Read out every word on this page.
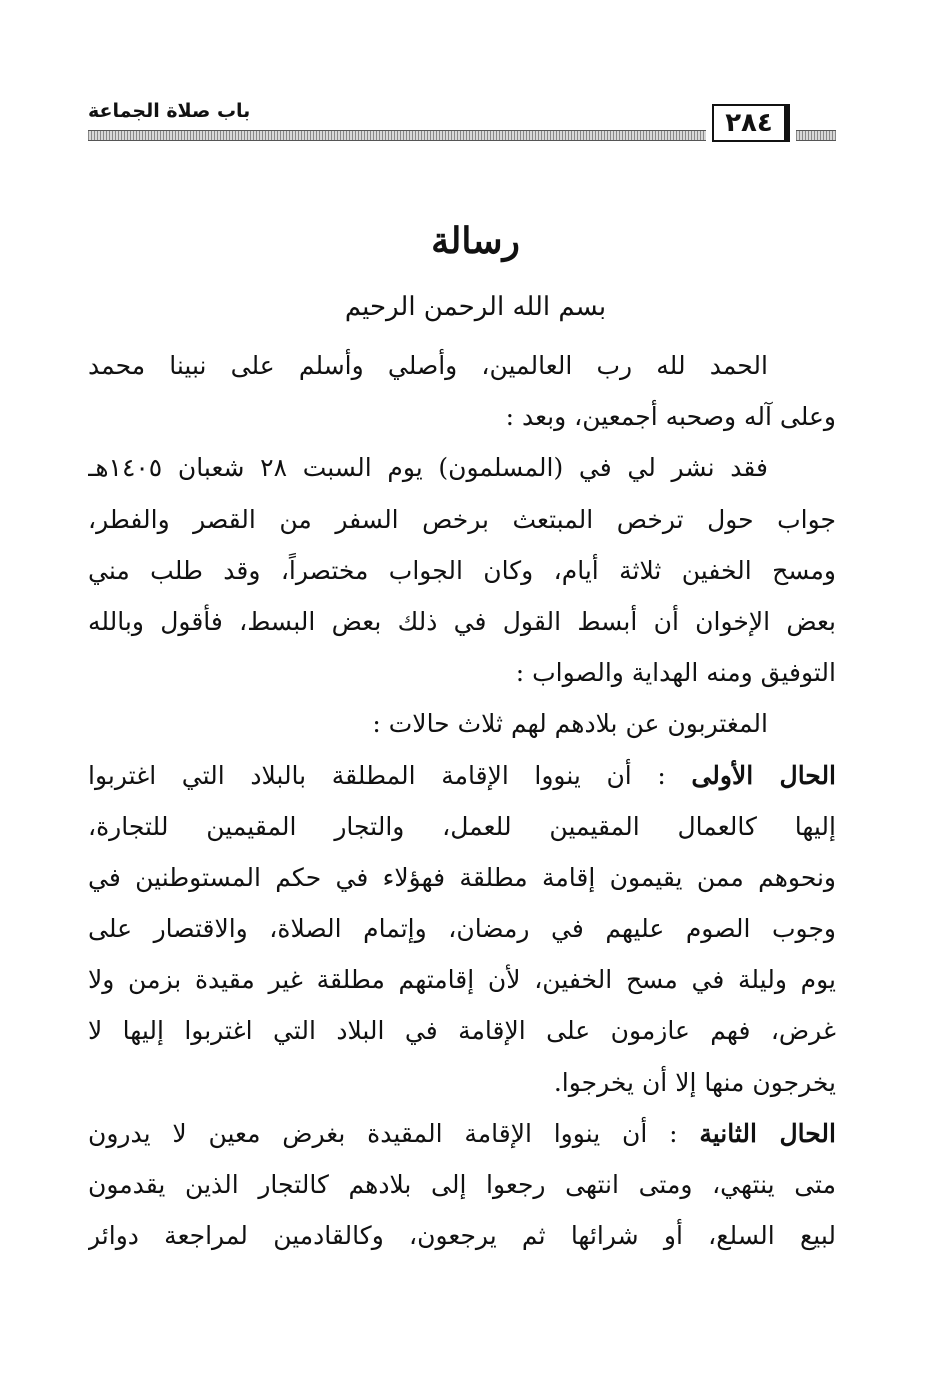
باب صلاة الجماعة	٢٨٤
رسالة
بسم الله الرحمن الرحيم
الحمد لله رب العالمين، وأصلي وأسلم على نبينا محمد
وعلى آله وصحبه أجمعين، وبعد :
فقد نشر لي في (المسلمون) يوم السبت ٢٨ شعبان ١٤٠٥هـ
جواب حول ترخص المبتعث برخص السفر من القصر والفطر،
ومسح الخفين ثلاثة أيام، وكان الجواب مختصراً، وقد طلب مني
بعض الإخوان أن أبسط القول في ذلك بعض البسط، فأقول وبالله
التوفيق ومنه الهداية والصواب :
المغتربون عن بلادهم لهم ثلاث حالات :
الحال الأولى : أن ينووا الإقامة المطلقة بالبلاد التي اغتربوا
إليها كالعمال المقيمين للعمل، والتجار المقيمين للتجارة،
ونحوهم ممن يقيمون إقامة مطلقة فهؤلاء في حكم المستوطنين في
وجوب الصوم عليهم في رمضان، وإتمام الصلاة، والاقتصار على
يوم وليلة في مسح الخفين، لأن إقامتهم مطلقة غير مقيدة بزمن ولا
غرض، فهم عازمون على الإقامة في البلاد التي اغتربوا إليها لا
يخرجون منها إلا أن يخرجوا.
الحال الثانية : أن ينووا الإقامة المقيدة بغرض معين لا يدرون
متى ينتهي، ومتى انتهى رجعوا إلى بلادهم كالتجار الذين يقدمون
لبيع السلع، أو شرائها ثم يرجعون، وكالقادمين لمراجعة دوائر
